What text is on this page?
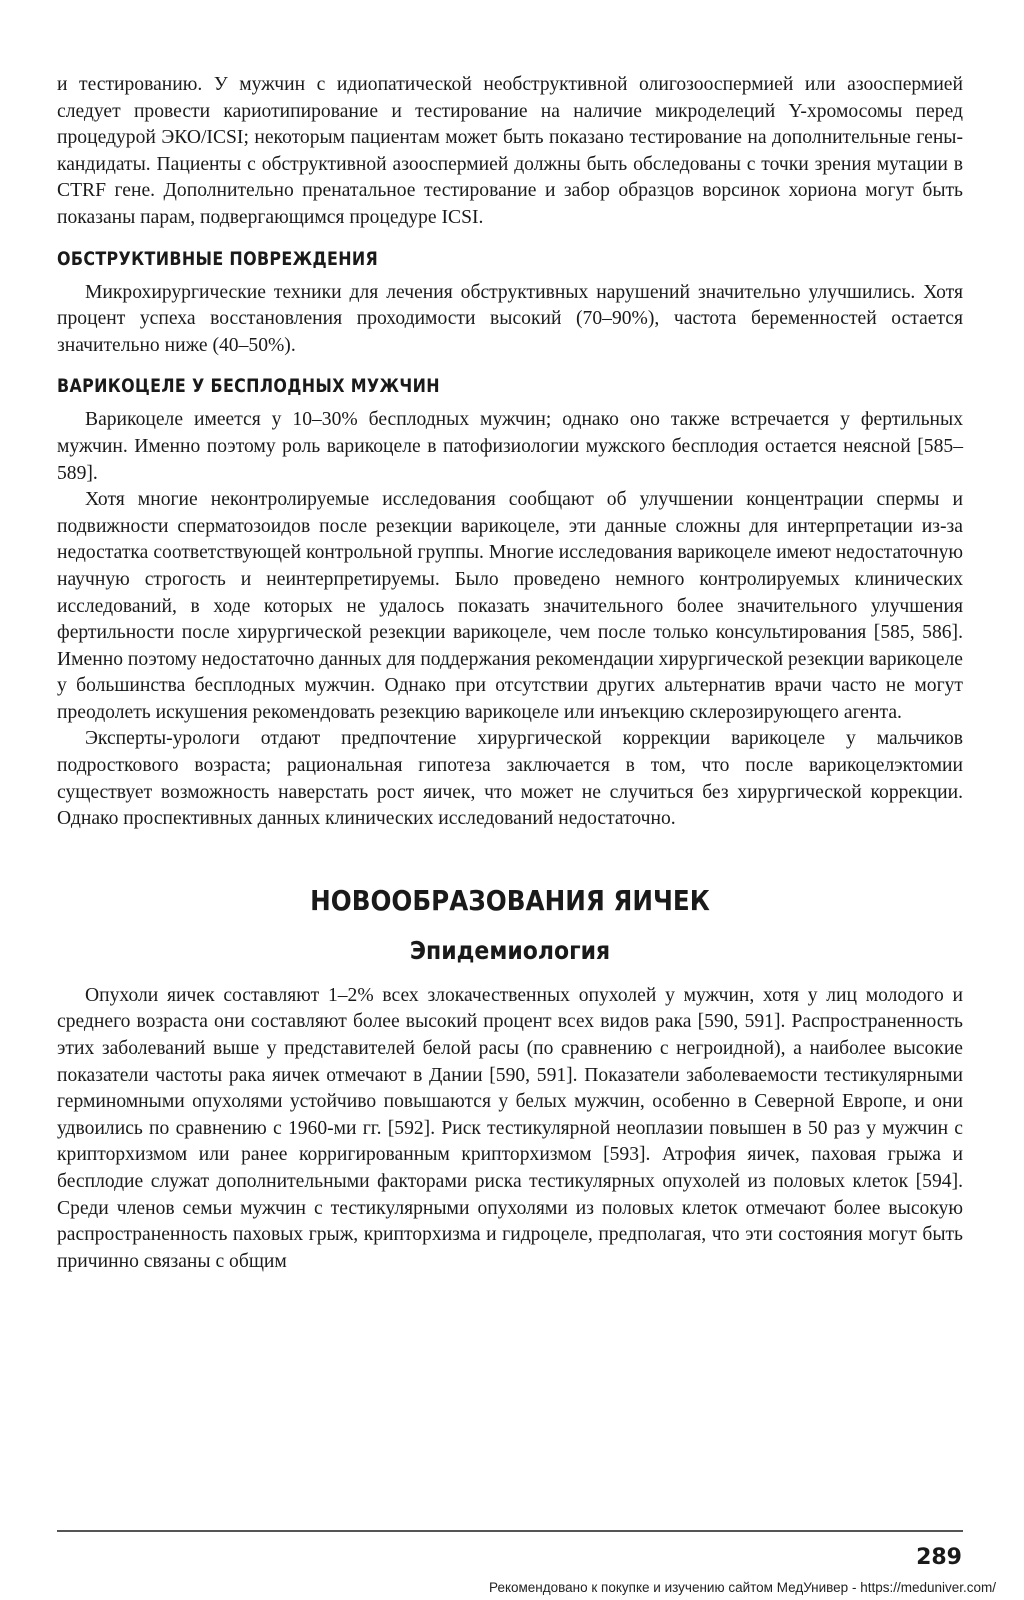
и тестированию. У мужчин с идиопатической необструктивной олигозооспермией или азооспермией следует провести кариотипирование и тестирование на наличие микроделеций Y-хромосомы перед процедурой ЭКО/ICSI; некоторым пациентам может быть показано тестирование на дополнительные гены-кандидаты. Пациенты с обструктивной азооспермией должны быть обследованы с точки зрения мутации в CTRF гене. Дополнительно пренатальное тестирование и забор образцов ворсинок хориона могут быть показаны парам, подвергающимся процедуре ICSI.

ОБСТРУКТИВНЫЕ ПОВРЕЖДЕНИЯ

Микрохирургические техники для лечения обструктивных нарушений значительно улучшились. Хотя процент успеха восстановления проходимости высокий (70–90%), частота беременностей остается значительно ниже (40–50%).

ВАРИКОЦЕЛЕ У БЕСПЛОДНЫХ МУЖЧИН

Варикоцеле имеется у 10–30% бесплодных мужчин; однако оно также встречается у фертильных мужчин. Именно поэтому роль варикоцеле в патофизиологии мужского бесплодия остается неясной [585–589].

Хотя многие неконтролируемые исследования сообщают об улучшении концентрации спермы и подвижности сперматозоидов после резекции варикоцеле, эти данные сложны для интерпретации из-за недостатка соответствующей контрольной группы. Многие исследования варикоцеле имеют недостаточную научную строгость и неинтерпретируемы. Было проведено немного контролируемых клинических исследований, в ходе которых не удалось показать значительного более значительного улучшения фертильности после хирургической резекции варикоцеле, чем после только консультирования [585, 586]. Именно поэтому недостаточно данных для поддержания рекомендации хирургической резекции варикоцеле у большинства бесплодных мужчин. Однако при отсутствии других альтернатив врачи часто не могут преодолеть искушения рекомендовать резекцию варикоцеле или инъекцию склерозирующего агента.

Эксперты-урологи отдают предпочтение хирургической коррекции варикоцеле у мальчиков подросткового возраста; рациональная гипотеза заключается в том, что после варикоцелэктомии существует возможность наверстать рост яичек, что может не случиться без хирургической коррекции. Однако проспективных данных клинических исследований недостаточно.

НОВООБРАЗОВАНИЯ ЯИЧЕК
Эпидемиология

Опухоли яичек составляют 1–2% всех злокачественных опухолей у мужчин, хотя у лиц молодого и среднего возраста они составляют более высокий процент всех видов рака [590, 591]. Распространенность этих заболеваний выше у представителей белой расы (по сравнению с негроидной), а наиболее высокие показатели частоты рака яичек отмечают в Дании [590, 591]. Показатели заболеваемости тестикулярными герминомными опухолями устойчиво повышаются у белых мужчин, особенно в Северной Европе, и они удвоились по сравнению с 1960-ми гг. [592]. Риск тестикулярной неоплазии повышен в 50 раз у мужчин с крипторхизмом или ранее корригированным крипторхизмом [593]. Атрофия яичек, паховая грыжа и бесплодие служат дополнительными факторами риска тестикулярных опухолей из половых клеток [594]. Среди членов семьи мужчин с тестикулярными опухолями из половых клеток отмечают более высокую распространенность паховых грыж, крипторхизма и гидроцеле, предполагая, что эти состояния могут быть причинно связаны с общим

289
Рекомендовано к покупке и изучению сайтом МедУнивер - https://meduniver.com/
